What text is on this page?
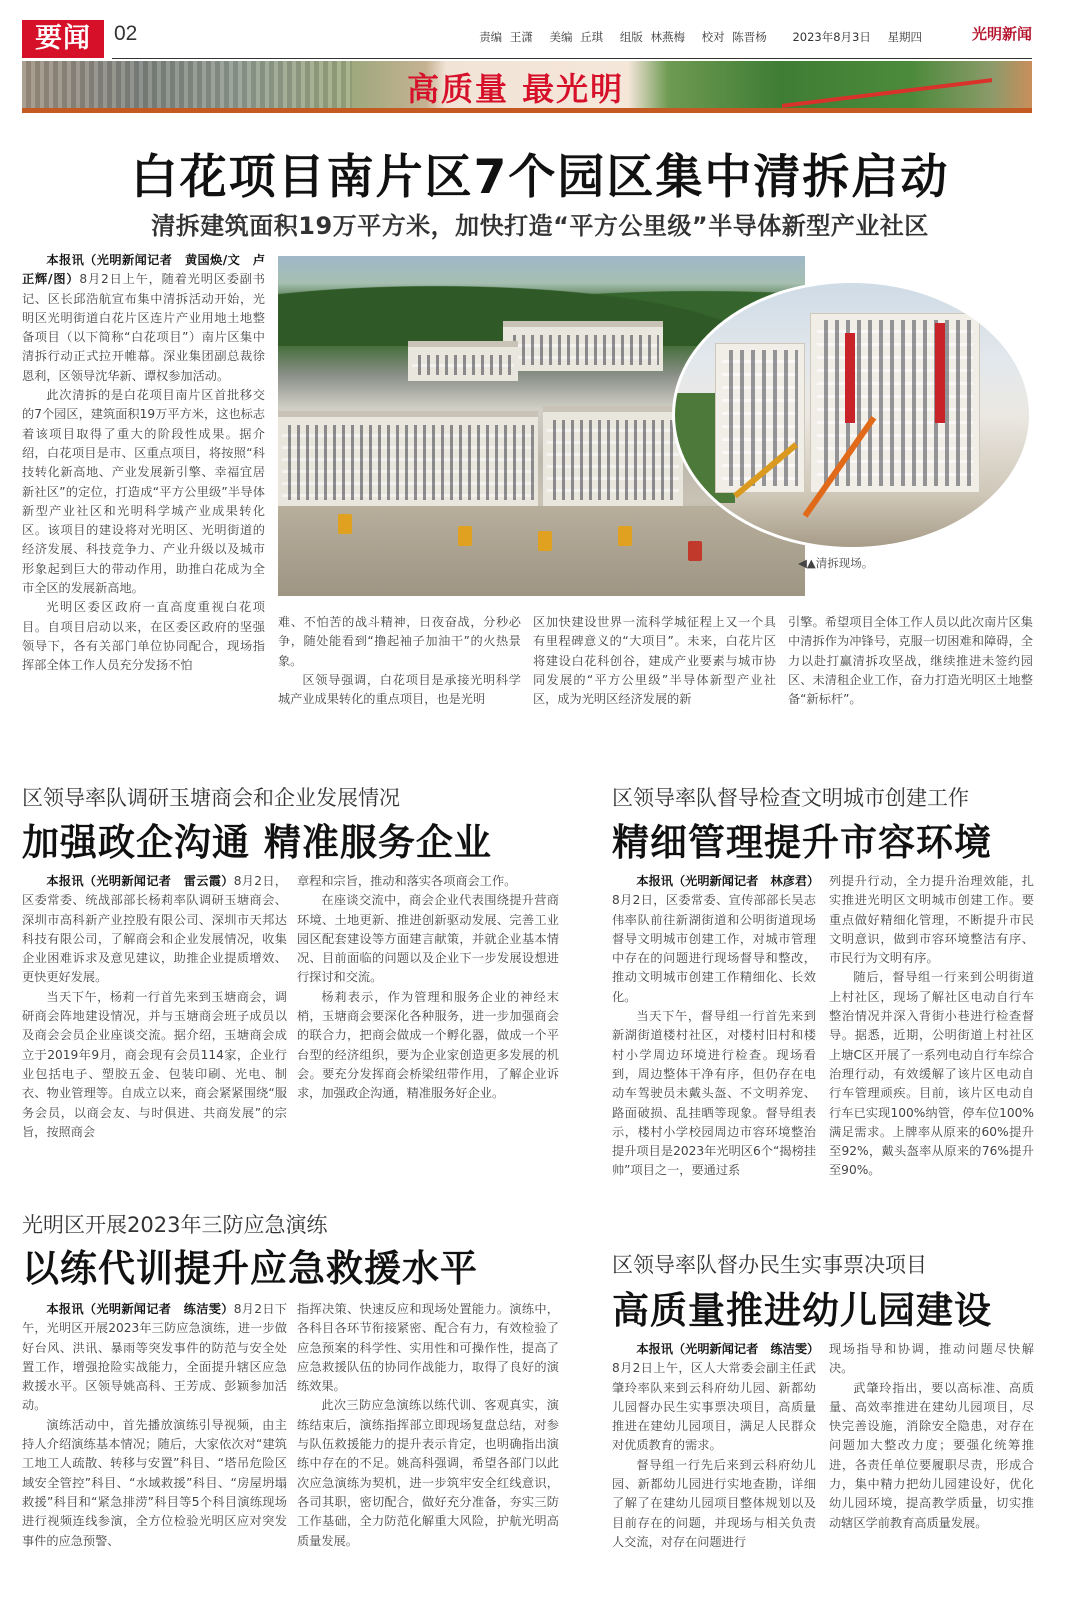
要闻	02	责编 王潇 美编 丘琪 组版 林燕梅 校对 陈晋杨 2023年8月3日 星期四	光明新闻
高质量 最光明
白花项目南片区7个园区集中清拆启动
清拆建筑面积19万平方米，加快打造“平方公里级”半导体新型产业社区

本报讯（光明新闻记者　黄国焕/文　卢正辉/图）8月2日上午，随着光明区委副书记、区长邱浩航宣布集中清拆活动开始，光明区光明街道白花片区连片产业用地土地整备项目（以下简称“白花项目”）南片区集中清拆行动正式拉开帷幕。深业集团副总裁徐恩利，区领导沈华新、谭权参加活动。

此次清拆的是白花项目南片区首批移交的7个园区，建筑面积19万平方米，这也标志着该项目取得了重大的阶段性成果。据介绍，白花项目是市、区重点项目，将按照“科技转化新高地、产业发展新引擎、幸福宜居新社区”的定位，打造成“平方公里级”半导体新型产业社区和光明科学城产业成果转化区。该项目的建设将对光明区、光明街道的经济发展、科技竞争力、产业升级以及城市形象起到巨大的带动作用，助推白花成为全市全区的发展新高地。

光明区委区政府一直高度重视白花项目。自项目启动以来，在区委区政府的坚强领导下，各有关部门单位协同配合，现场指挥部全体工作人员充分发扬不怕

◀▲清拆现场。

难、不怕苦的战斗精神，日夜奋战，分秒必争，随处能看到“撸起袖子加油干”的火热景象。

区领导强调，白花项目是承接光明科学城产业成果转化的重点项目，也是光明

区加快建设世界一流科学城征程上又一个具有里程碑意义的“大项目”。未来，白花片区将建设白花科创谷，建成产业要素与城市协同发展的“平方公里级”半导体新型产业社区，成为光明区经济发展的新

引擎。希望项目全体工作人员以此次南片区集中清拆作为冲锋号，克服一切困难和障碍，全力以赴打赢清拆攻坚战，继续推进未签约园区、未清租企业工作，奋力打造光明区土地整备“新标杆”。

区领导率队调研玉塘商会和企业发展情况
加强政企沟通 精准服务企业

本报讯（光明新闻记者　雷云霞）8月2日，区委常委、统战部部长杨莉率队调研玉塘商会、深圳市高科新产业控股有限公司、深圳市天邦达科技有限公司，了解商会和企业发展情况，收集企业困难诉求及意见建议，助推企业提质增效、更快更好发展。

当天下午，杨莉一行首先来到玉塘商会，调研商会阵地建设情况，并与玉塘商会班子成员以及商会会员企业座谈交流。据介绍，玉塘商会成立于2019年9月，商会现有会员114家，企业行业包括电子、塑胶五金、包装印刷、光电、制衣、物业管理等。自成立以来，商会紧紧围绕“服务会员，以商会友、与时俱进、共商发展”的宗旨，按照商会

章程和宗旨，推动和落实各项商会工作。

在座谈交流中，商会企业代表围绕提升营商环境、土地更新、推进创新驱动发展、完善工业园区配套建设等方面建言献策，并就企业基本情况、目前面临的问题以及企业下一步发展设想进行探讨和交流。

杨莉表示，作为管理和服务企业的神经末梢，玉塘商会要深化各种服务，进一步加强商会的联合力，把商会做成一个孵化器，做成一个平台型的经济组织，要为企业家创造更多发展的机会。要充分发挥商会桥梁纽带作用，了解企业诉求，加强政企沟通，精准服务好企业。

区领导率队督导检查文明城市创建工作
精细管理提升市容环境

本报讯（光明新闻记者　林彦君）8月2日，区委常委、宣传部部长吴志伟率队前往新湖街道和公明街道现场督导文明城市创建工作，对城市管理中存在的问题进行现场督导和整改，推动文明城市创建工作精细化、长效化。

当天下午，督导组一行首先来到新湖街道楼村社区，对楼村旧村和楼村小学周边环境进行检查。现场看到，周边整体干净有序，但仍存在电动车驾驶员未戴头盔、不文明养宠、路面破损、乱挂晒等现象。督导组表示，楼村小学校园周边市容环境整治提升项目是2023年光明区6个“揭榜挂帅”项目之一，要通过系

列提升行动，全力提升治理效能，扎实推进光明区文明城市创建工作。要重点做好精细化管理，不断提升市民文明意识，做到市容环境整洁有序、市民行为文明有序。

随后，督导组一行来到公明街道上村社区，现场了解社区电动自行车整治情况并深入背街小巷进行检查督导。据悉，近期，公明街道上村社区上塘C区开展了一系列电动自行车综合治理行动，有效缓解了该片区电动自行车管理顽疾。目前，该片区电动自行车已实现100%纳管，停车位100%满足需求。上牌率从原来的60%提升至92%，戴头盔率从原来的76%提升至90%。

光明区开展2023年三防应急演练
以练代训提升应急救援水平

本报讯（光明新闻记者　练洁雯）8月2日下午，光明区开展2023年三防应急演练，进一步做好台风、洪讯、暴雨等突发事件的防范与安全处置工作，增强抢险实战能力，全面提升辖区应急救援水平。区领导姚高科、王芳成、彭颖参加活动。

演练活动中，首先播放演练引导视频，由主持人介绍演练基本情况；随后，大家依次对“建筑工地工人疏散、转移与安置”科目、“塔吊危险区域安全管控”科目、“水域救援”科目、“房屋坍塌救援”科目和“紧急排涝”科目等5个科目演练现场进行视频连线参演，全方位检验光明区应对突发事件的应急预警、

指挥决策、快速反应和现场处置能力。演练中，各科目各环节衔接紧密、配合有力，有效检验了应急预案的科学性、实用性和可操作性，提高了应急救援队伍的协同作战能力，取得了良好的演练效果。

此次三防应急演练以练代训、客观真实，演练结束后，演练指挥部立即现场复盘总结，对参与队伍救援能力的提升表示肯定，也明确指出演练中存在的不足。姚高科强调，希望各部门以此次应急演练为契机，进一步筑牢安全红线意识，各司其职，密切配合，做好充分准备，夯实三防工作基础，全力防范化解重大风险，护航光明高质量发展。

区领导率队督办民生实事票决项目
高质量推进幼儿园建设

本报讯（光明新闻记者　练洁雯）8月2日上午，区人大常委会副主任武肇玲率队来到云科府幼儿园、新都幼儿园督办民生实事票决项目，高质量推进在建幼儿园项目，满足人民群众对优质教育的需求。

督导组一行先后来到云科府幼儿园、新都幼儿园进行实地查勘，详细了解了在建幼儿园项目整体规划以及目前存在的问题，并现场与相关负责人交流，对存在问题进行

现场指导和协调，推动问题尽快解决。

武肇玲指出，要以高标准、高质量、高效率推进在建幼儿园项目，尽快完善设施，消除安全隐患，对存在问题加大整改力度；要强化统筹推进，各责任单位要履职尽责，形成合力，集中精力把幼儿园建设好，优化幼儿园环境，提高教学质量，切实推动辖区学前教育高质量发展。
